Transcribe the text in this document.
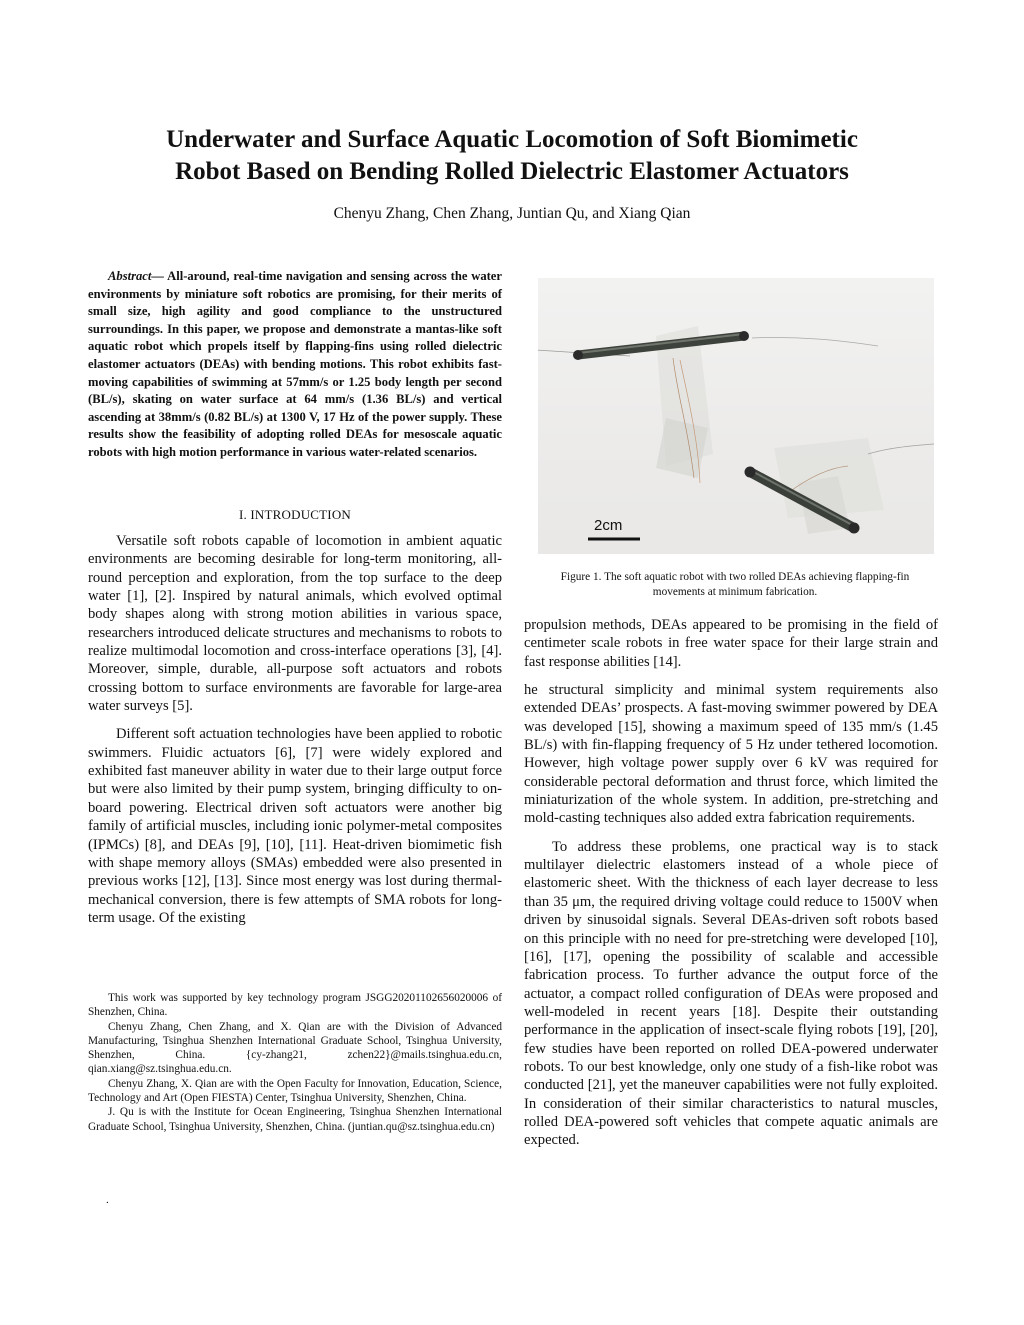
Underwater and Surface Aquatic Locomotion of Soft Biomimetic
Robot Based on Bending Rolled Dielectric Elastomer Actuators

Chenyu Zhang, Chen Zhang, Juntian Qu, and Xiang Qian

Abstract— All-around, real-time navigation and sensing across the water environments by miniature soft robotics are promising, for their merits of small size, high agility and good compliance to the unstructured surroundings. In this paper, we propose and demonstrate a mantas-like soft aquatic robot which propels itself by flapping-fins using rolled dielectric elastomer actuators (DEAs) with bending motions. This robot exhibits fast-moving capabilities of swimming at 57mm/s or 1.25 body length per second (BL/s), skating on water surface at 64 mm/s (1.36 BL/s) and vertical ascending at 38mm/s (0.82 BL/s) at 1300 V, 17 Hz of the power supply. These results show the feasibility of adopting rolled DEAs for mesoscale aquatic robots with high motion performance in various water-related scenarios.

I. INTRODUCTION

Versatile soft robots capable of locomotion in ambient aquatic environments are becoming desirable for long-term monitoring, all-round perception and exploration, from the top surface to the deep water [1], [2]. Inspired by natural animals, which evolved optimal body shapes along with strong motion abilities in various space, researchers introduced delicate structures and mechanisms to robots to realize multimodal locomotion and cross-interface operations [3], [4]. Moreover, simple, durable, all-purpose soft actuators and robots crossing bottom to surface environments are favorable for large-area water surveys [5].

Different soft actuation technologies have been applied to robotic swimmers. Fluidic actuators [6], [7] were widely explored and exhibited fast maneuver ability in water due to their large output force but were also limited by their pump system, bringing difficulty to on-board powering. Electrical driven soft actuators were another big family of artificial muscles, including ionic polymer-metal composites (IPMCs) [8], and DEAs [9], [10], [11]. Heat-driven biomimetic fish with shape memory alloys (SMAs) embedded were also presented in previous works [12], [13]. Since most energy was lost during thermal-mechanical conversion, there is few attempts of SMA robots for long-term usage. Of the existing

2cm

Figure 1. The soft aquatic robot with two rolled DEAs achieving flapping-fin movements at minimum fabrication.

propulsion methods, DEAs appeared to be promising in the field of centimeter scale robots in free water space for their large strain and fast response abilities [14].

he structural simplicity and minimal system requirements also extended DEAs’ prospects. A fast-moving swimmer powered by DEA was developed [15], showing a maximum speed of 135 mm/s (1.45 BL/s) with fin-flapping frequency of 5 Hz under tethered locomotion. However, high voltage power supply over 6 kV was required for considerable pectoral deformation and thrust force, which limited the miniaturization of the whole system. In addition, pre-stretching and mold-casting techniques also added extra fabrication requirements.

To address these problems, one practical way is to stack multilayer dielectric elastomers instead of a whole piece of elastomeric sheet. With the thickness of each layer decrease to less than 35 μm, the required driving voltage could reduce to 1500V when driven by sinusoidal signals. Several DEAs-driven soft robots based on this principle with no need for pre-stretching were developed [10], [16], [17], opening the possibility of scalable and accessible fabrication process. To further advance the output force of the actuator, a compact rolled configuration of DEAs were proposed and well-modeled in recent years [18]. Despite their outstanding performance in the application of insect-scale flying robots [19], [20], few studies have been reported on rolled DEA-powered underwater robots. To our best knowledge, only one study of a fish-like robot was conducted [21], yet the maneuver capabilities were not fully exploited. In consideration of their similar characteristics to natural muscles, rolled DEA-powered soft vehicles that compete aquatic animals are expected.

This work was supported by key technology program JSGG20201102656020006 of Shenzhen, China.

Chenyu Zhang, Chen Zhang, and X. Qian are with the Division of Advanced Manufacturing, Tsinghua Shenzhen International Graduate School, Tsinghua University, Shenzhen, China. {cy-zhang21, zchen22}@mails.tsinghua.edu.cn, qian.xiang@sz.tsinghua.edu.cn.

Chenyu Zhang, X. Qian are with the Open Faculty for Innovation, Education, Science, Technology and Art (Open FIESTA) Center, Tsinghua University, Shenzhen, China.

J. Qu is with the Institute for Ocean Engineering, Tsinghua Shenzhen International Graduate School, Tsinghua University, Shenzhen, China. (juntian.qu@sz.tsinghua.edu.cn)

.
